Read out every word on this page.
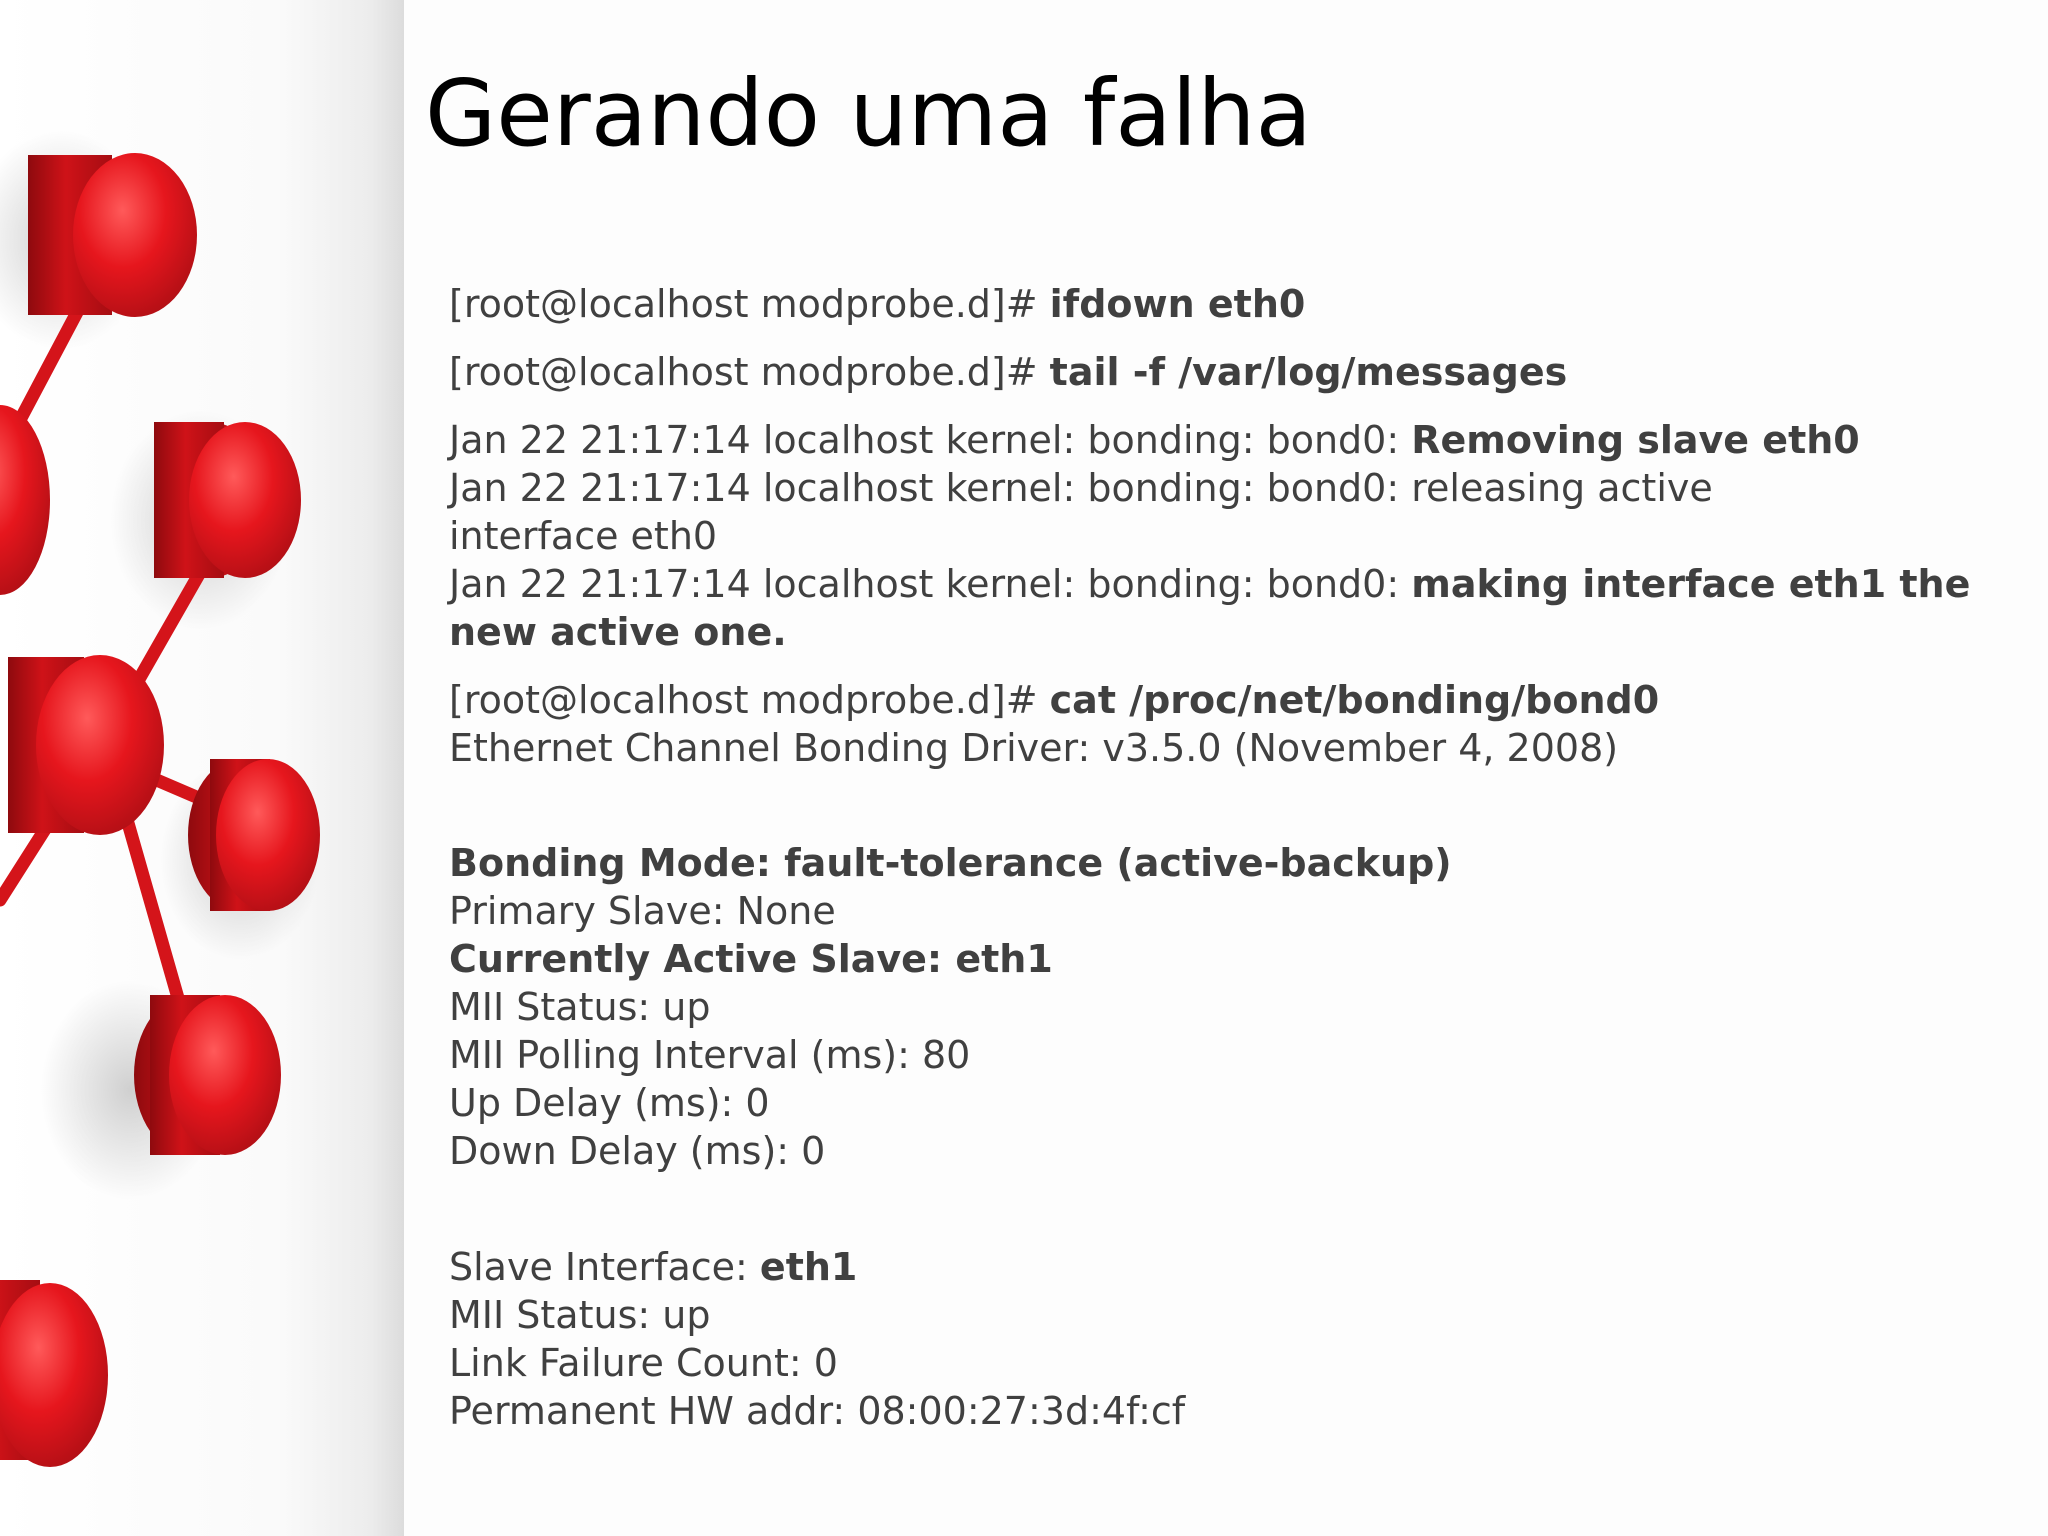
Gerando uma falha
[root@localhost modprobe.d]# ifdown eth0
[root@localhost modprobe.d]# tail -f /var/log/messages
Jan 22 21:17:14 localhost kernel: bonding: bond0: Removing slave eth0
Jan 22 21:17:14 localhost kernel: bonding: bond0: releasing active interface eth0
Jan 22 21:17:14 localhost kernel: bonding: bond0: making interface eth1 the new active one.
[root@localhost modprobe.d]# cat /proc/net/bonding/bond0
Ethernet Channel Bonding Driver: v3.5.0 (November 4, 2008)
Bonding Mode: fault-tolerance (active-backup)
Primary Slave: None
Currently Active Slave: eth1
MII Status: up
MII Polling Interval (ms): 80
Up Delay (ms): 0
Down Delay (ms): 0
Slave Interface: eth1
MII Status: up
Link Failure Count: 0
Permanent HW addr: 08:00:27:3d:4f:cf
